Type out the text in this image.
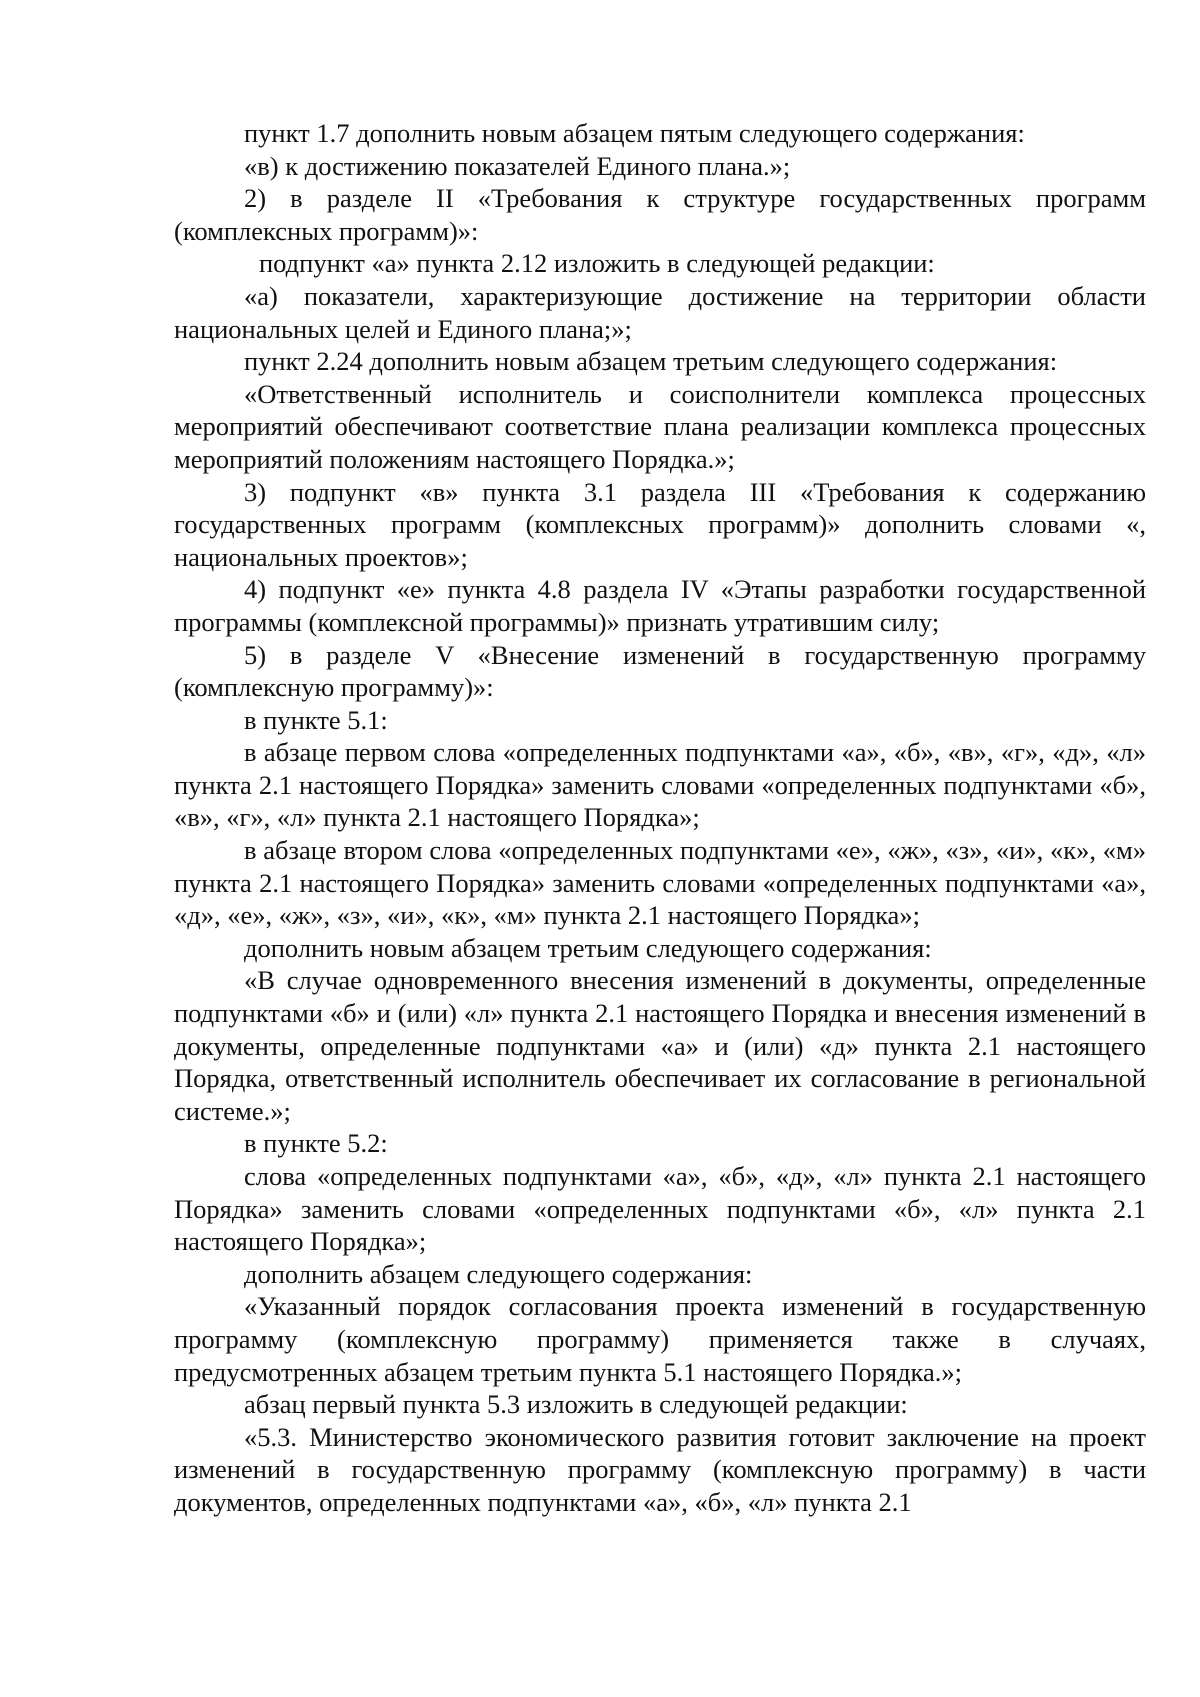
пункт 1.7 дополнить новым абзацем пятым следующего содержания:

«в) к достижению показателей Единого плана.»;

2) в разделе II «Требования к структуре государственных программ (комплексных программ)»:

подпункт «а» пункта 2.12 изложить в следующей редакции:

«а) показатели, характеризующие достижение на территории области национальных целей и Единого плана;»;

пункт 2.24 дополнить новым абзацем третьим следующего содержания:

«Ответственный исполнитель и соисполнители комплекса процессных мероприятий обеспечивают соответствие плана реализации комплекса процессных мероприятий положениям настоящего Порядка.»;

3) подпункт «в» пункта 3.1 раздела III «Требования к содержанию государственных программ (комплексных программ)» дополнить словами «, национальных проектов»;

4) подпункт «е» пункта 4.8 раздела IV «Этапы разработки государственной программы (комплексной программы)» признать утратившим силу;

5) в разделе V «Внесение изменений в государственную программу (комплексную программу)»:

в пункте 5.1:

в абзаце первом слова «определенных подпунктами «а», «б», «в», «г», «д», «л» пункта 2.1 настоящего Порядка» заменить словами «определенных подпунктами «б», «в», «г», «л» пункта 2.1 настоящего Порядка»;

в абзаце втором слова «определенных подпунктами «е», «ж», «з», «и», «к», «м» пункта 2.1 настоящего Порядка» заменить словами «определенных подпунктами «а», «д», «е», «ж», «з», «и», «к», «м» пункта 2.1 настоящего Порядка»;

дополнить новым абзацем третьим следующего содержания:

«В случае одновременного внесения изменений в документы, определенные подпунктами «б» и (или) «л» пункта 2.1 настоящего Порядка и внесения изменений в документы, определенные подпунктами «а» и (или) «д» пункта 2.1 настоящего Порядка, ответственный исполнитель обеспечивает их согласование в региональной системе.»;

в пункте 5.2:

слова «определенных подпунктами «а», «б», «д», «л» пункта 2.1 настоящего Порядка» заменить словами «определенных подпунктами «б», «л» пункта 2.1 настоящего Порядка»;

дополнить абзацем следующего содержания:

«Указанный порядок согласования проекта изменений в государственную программу (комплексную программу) применяется также в случаях, предусмотренных абзацем третьим пункта 5.1 настоящего Порядка.»;

абзац первый пункта 5.3 изложить в следующей редакции:

«5.3. Министерство экономического развития готовит заключение на проект изменений в государственную программу (комплексную программу) в части документов, определенных подпунктами «а», «б», «л» пункта 2.1
